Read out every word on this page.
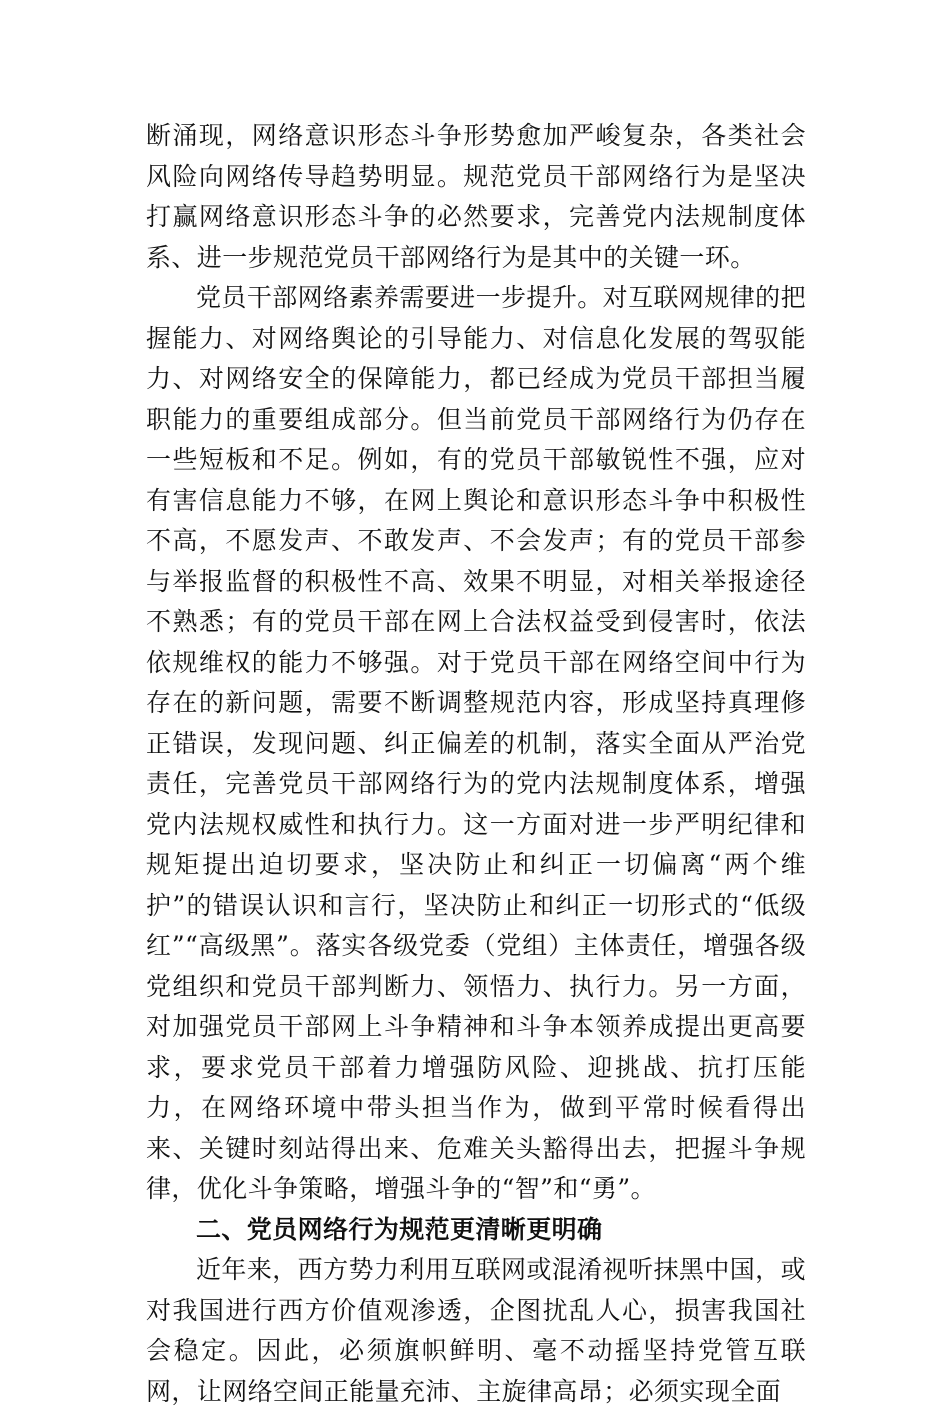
断涌现，网络意识形态斗争形势愈加严峻复杂，各类社会风险向网络传导趋势明显。规范党员干部网络行为是坚决打赢网络意识形态斗争的必然要求，完善党内法规制度体系、进一步规范党员干部网络行为是其中的关键一环。

党员干部网络素养需要进一步提升。对互联网规律的把握能力、对网络舆论的引导能力、对信息化发展的驾驭能力、对网络安全的保障能力，都已经成为党员干部担当履职能力的重要组成部分。但当前党员干部网络行为仍存在一些短板和不足。例如，有的党员干部敏锐性不强，应对有害信息能力不够，在网上舆论和意识形态斗争中积极性不高，不愿发声、不敢发声、不会发声；有的党员干部参与举报监督的积极性不高、效果不明显，对相关举报途径不熟悉；有的党员干部在网上合法权益受到侵害时，依法依规维权的能力不够强。对于党员干部在网络空间中行为存在的新问题，需要不断调整规范内容，形成坚持真理修正错误，发现问题、纠正偏差的机制，落实全面从严治党责任，完善党员干部网络行为的党内法规制度体系，增强党内法规权威性和执行力。这一方面对进一步严明纪律和规矩提出迫切要求，坚决防止和纠正一切偏离“两个维护”的错误认识和言行，坚决防止和纠正一切形式的“低级红”“高级黑”。落实各级党委（党组）主体责任，增强各级党组织和党员干部判断力、领悟力、执行力。另一方面，对加强党员干部网上斗争精神和斗争本领养成提出更高要求，要求党员干部着力增强防风险、迎挑战、抗打压能力，在网络环境中带头担当作为，做到平常时候看得出来、关键时刻站得出来、危难关头豁得出去，把握斗争规律，优化斗争策略，增强斗争的“智”和“勇”。

二、党员网络行为规范更清晰更明确

近年来，西方势力利用互联网或混淆视听抹黑中国，或对我国进行西方价值观渗透，企图扰乱人心，损害我国社会稳定。因此，必须旗帜鲜明、毫不动摇坚持党管互联网，让网络空间正能量充沛、主旋律高昂；必须实现全面
